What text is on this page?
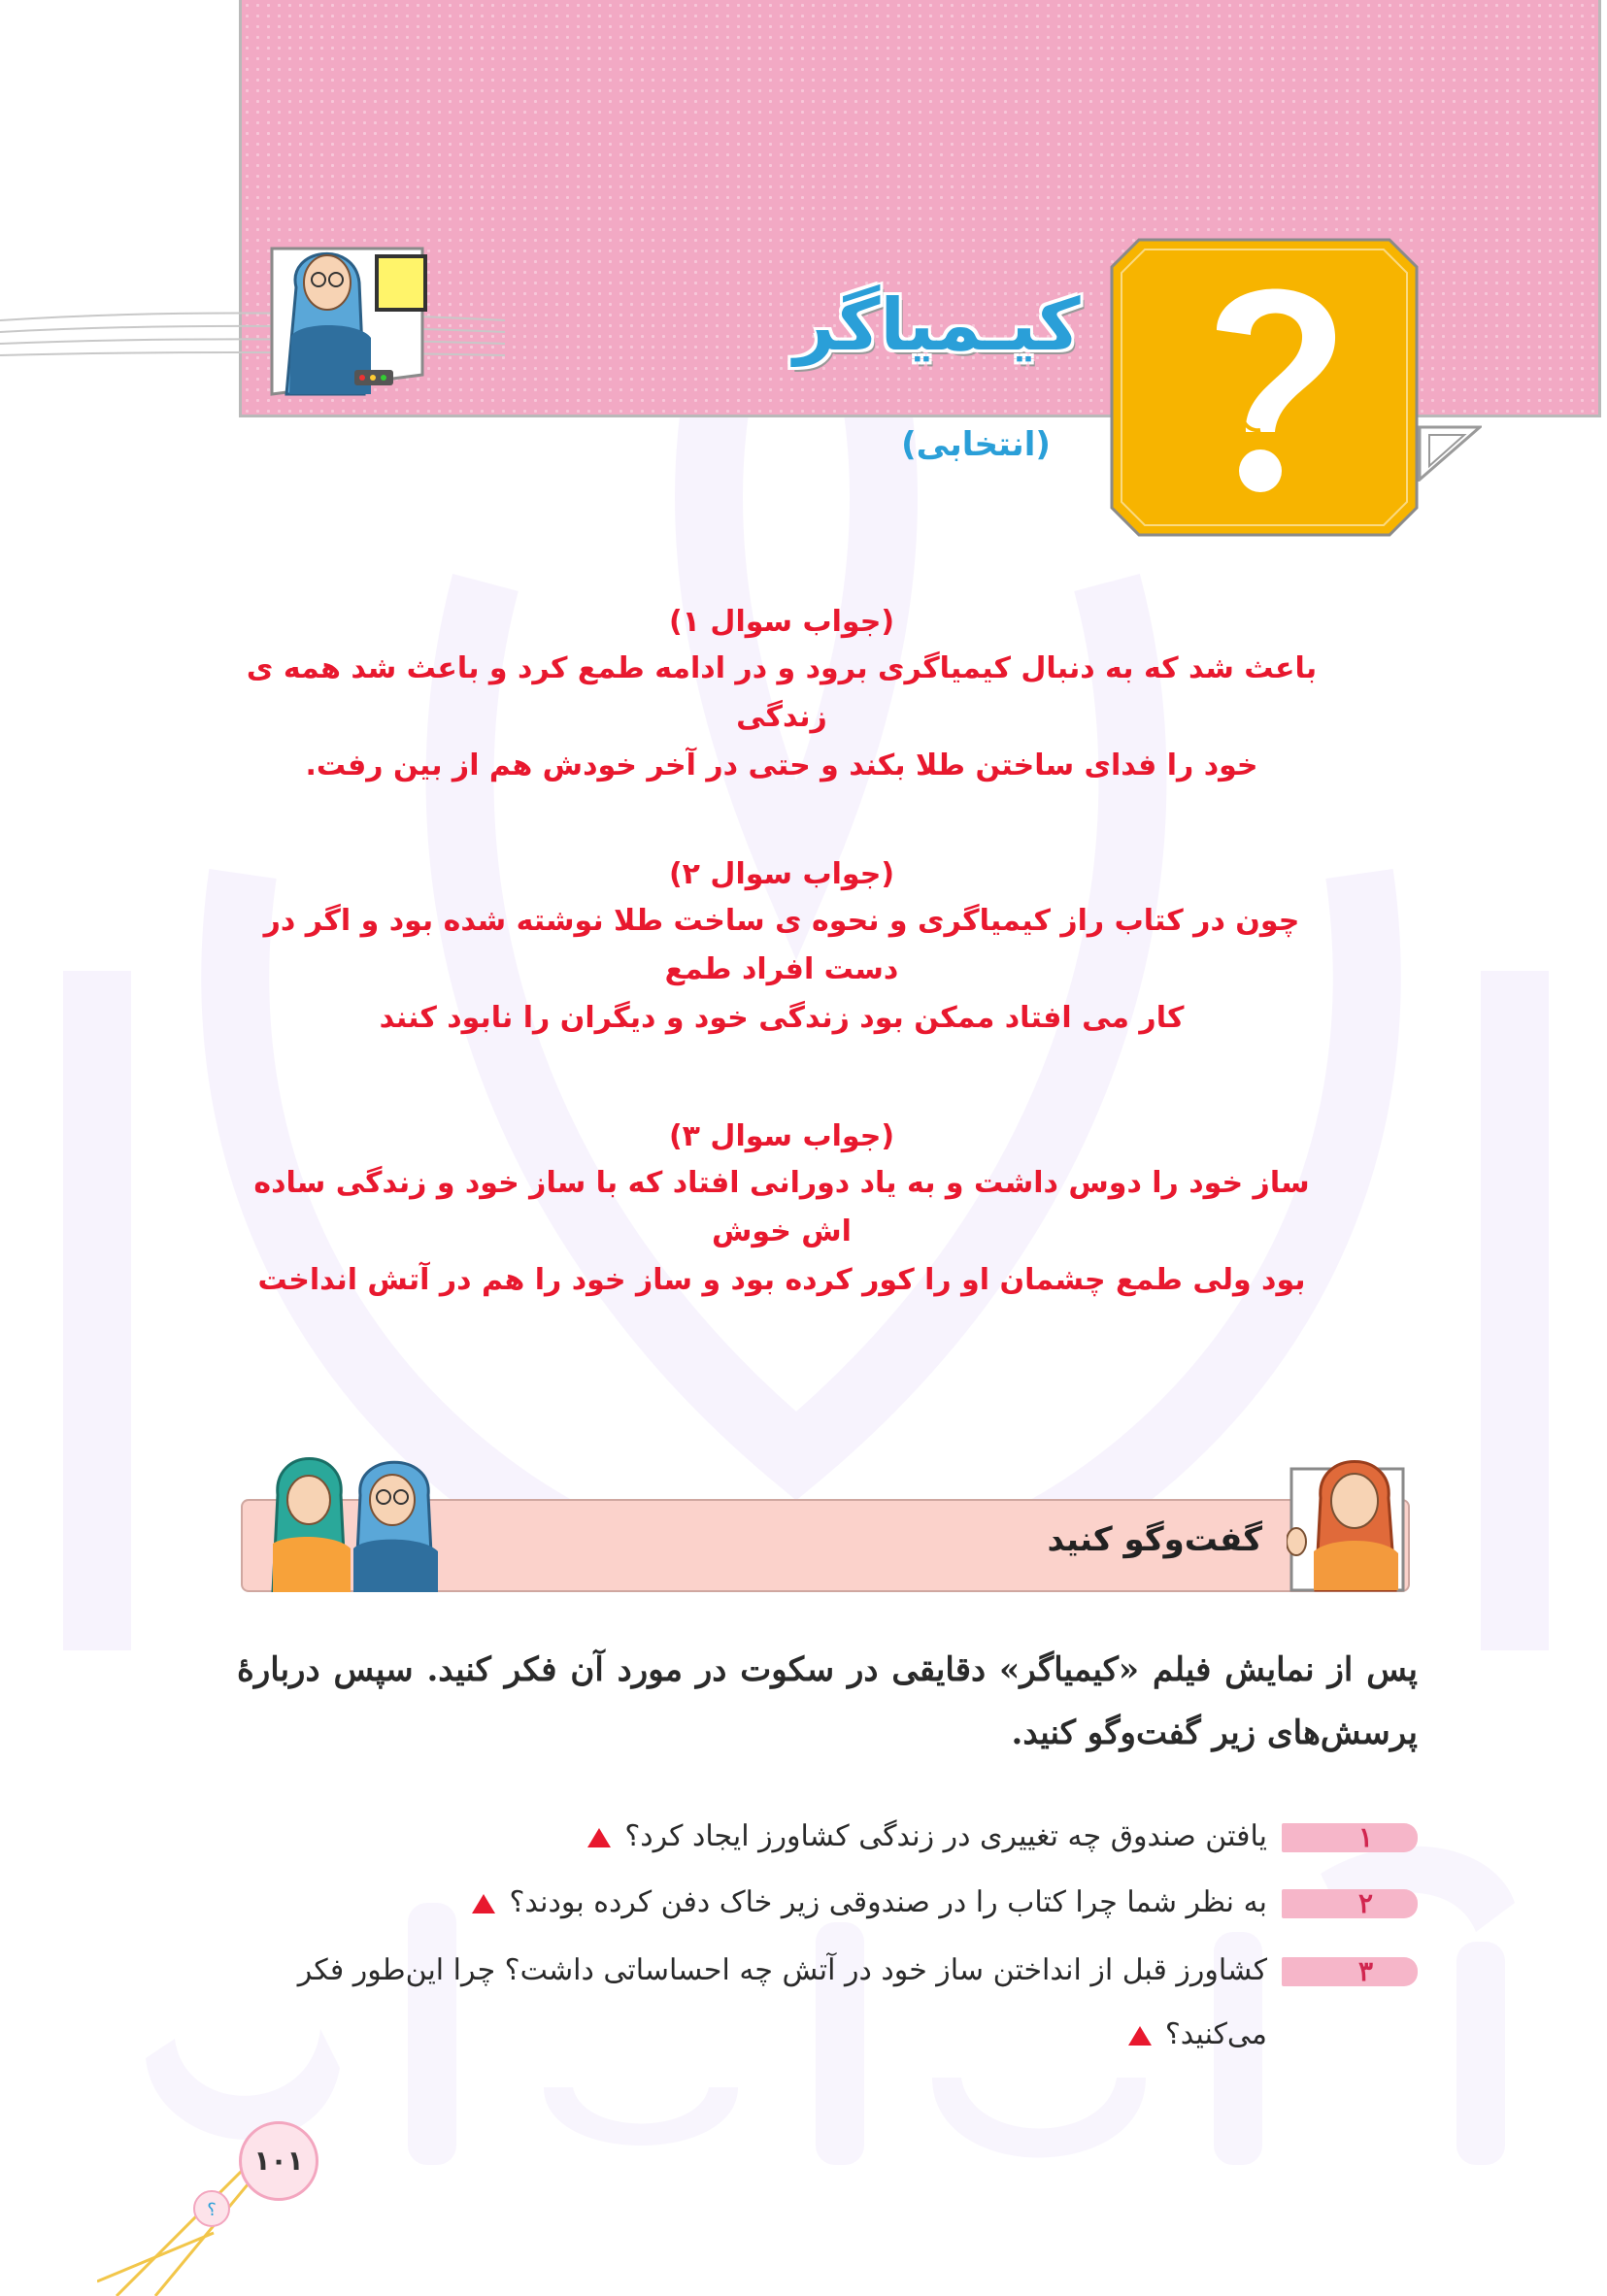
کیـمیاگر
(انتخابی)
(جواب سوال ۱)
باعث شد که به دنبال کیمیاگری برود و در ادامه طمع کرد و باعث شد همه ی زندگی
خود را فدای ساختن طلا بکند و حتی در آخر خودش هم از بین رفت.
(جواب سوال ۲)
چون در کتاب راز کیمیاگری و نحوه ی ساخت طلا نوشته شده بود و اگر در دست افراد طمع
کار می افتاد ممکن بود زندگی خود و دیگران را نابود کنند
(جواب سوال ۳)
ساز خود را دوس داشت و به یاد دورانی افتاد که با ساز خود و زندگی ساده اش خوش
بود ولی طمع چشمان او را کور کرده بود و ساز خود را هم در آتش انداخت
گفت‌وگو کنید
پس از نمایش فیلم «کیمیاگر» دقایقی در سکوت در مورد آن فکر کنید. سپس دربارهٔ پرسش‌های زیر گفت‌وگو کنید.
۱
یافتن صندوق چه تغییری در زندگی کشاورز ایجاد کرد؟
۲
به نظر شما چرا کتاب را در صندوقی زیر خاک دفن کرده بودند؟
۳
کشاورز قبل از انداختن ساز خود در آتش چه احساساتی داشت؟ چرا این‌طور فکر
می‌کنید؟
؟
۱۰۱
